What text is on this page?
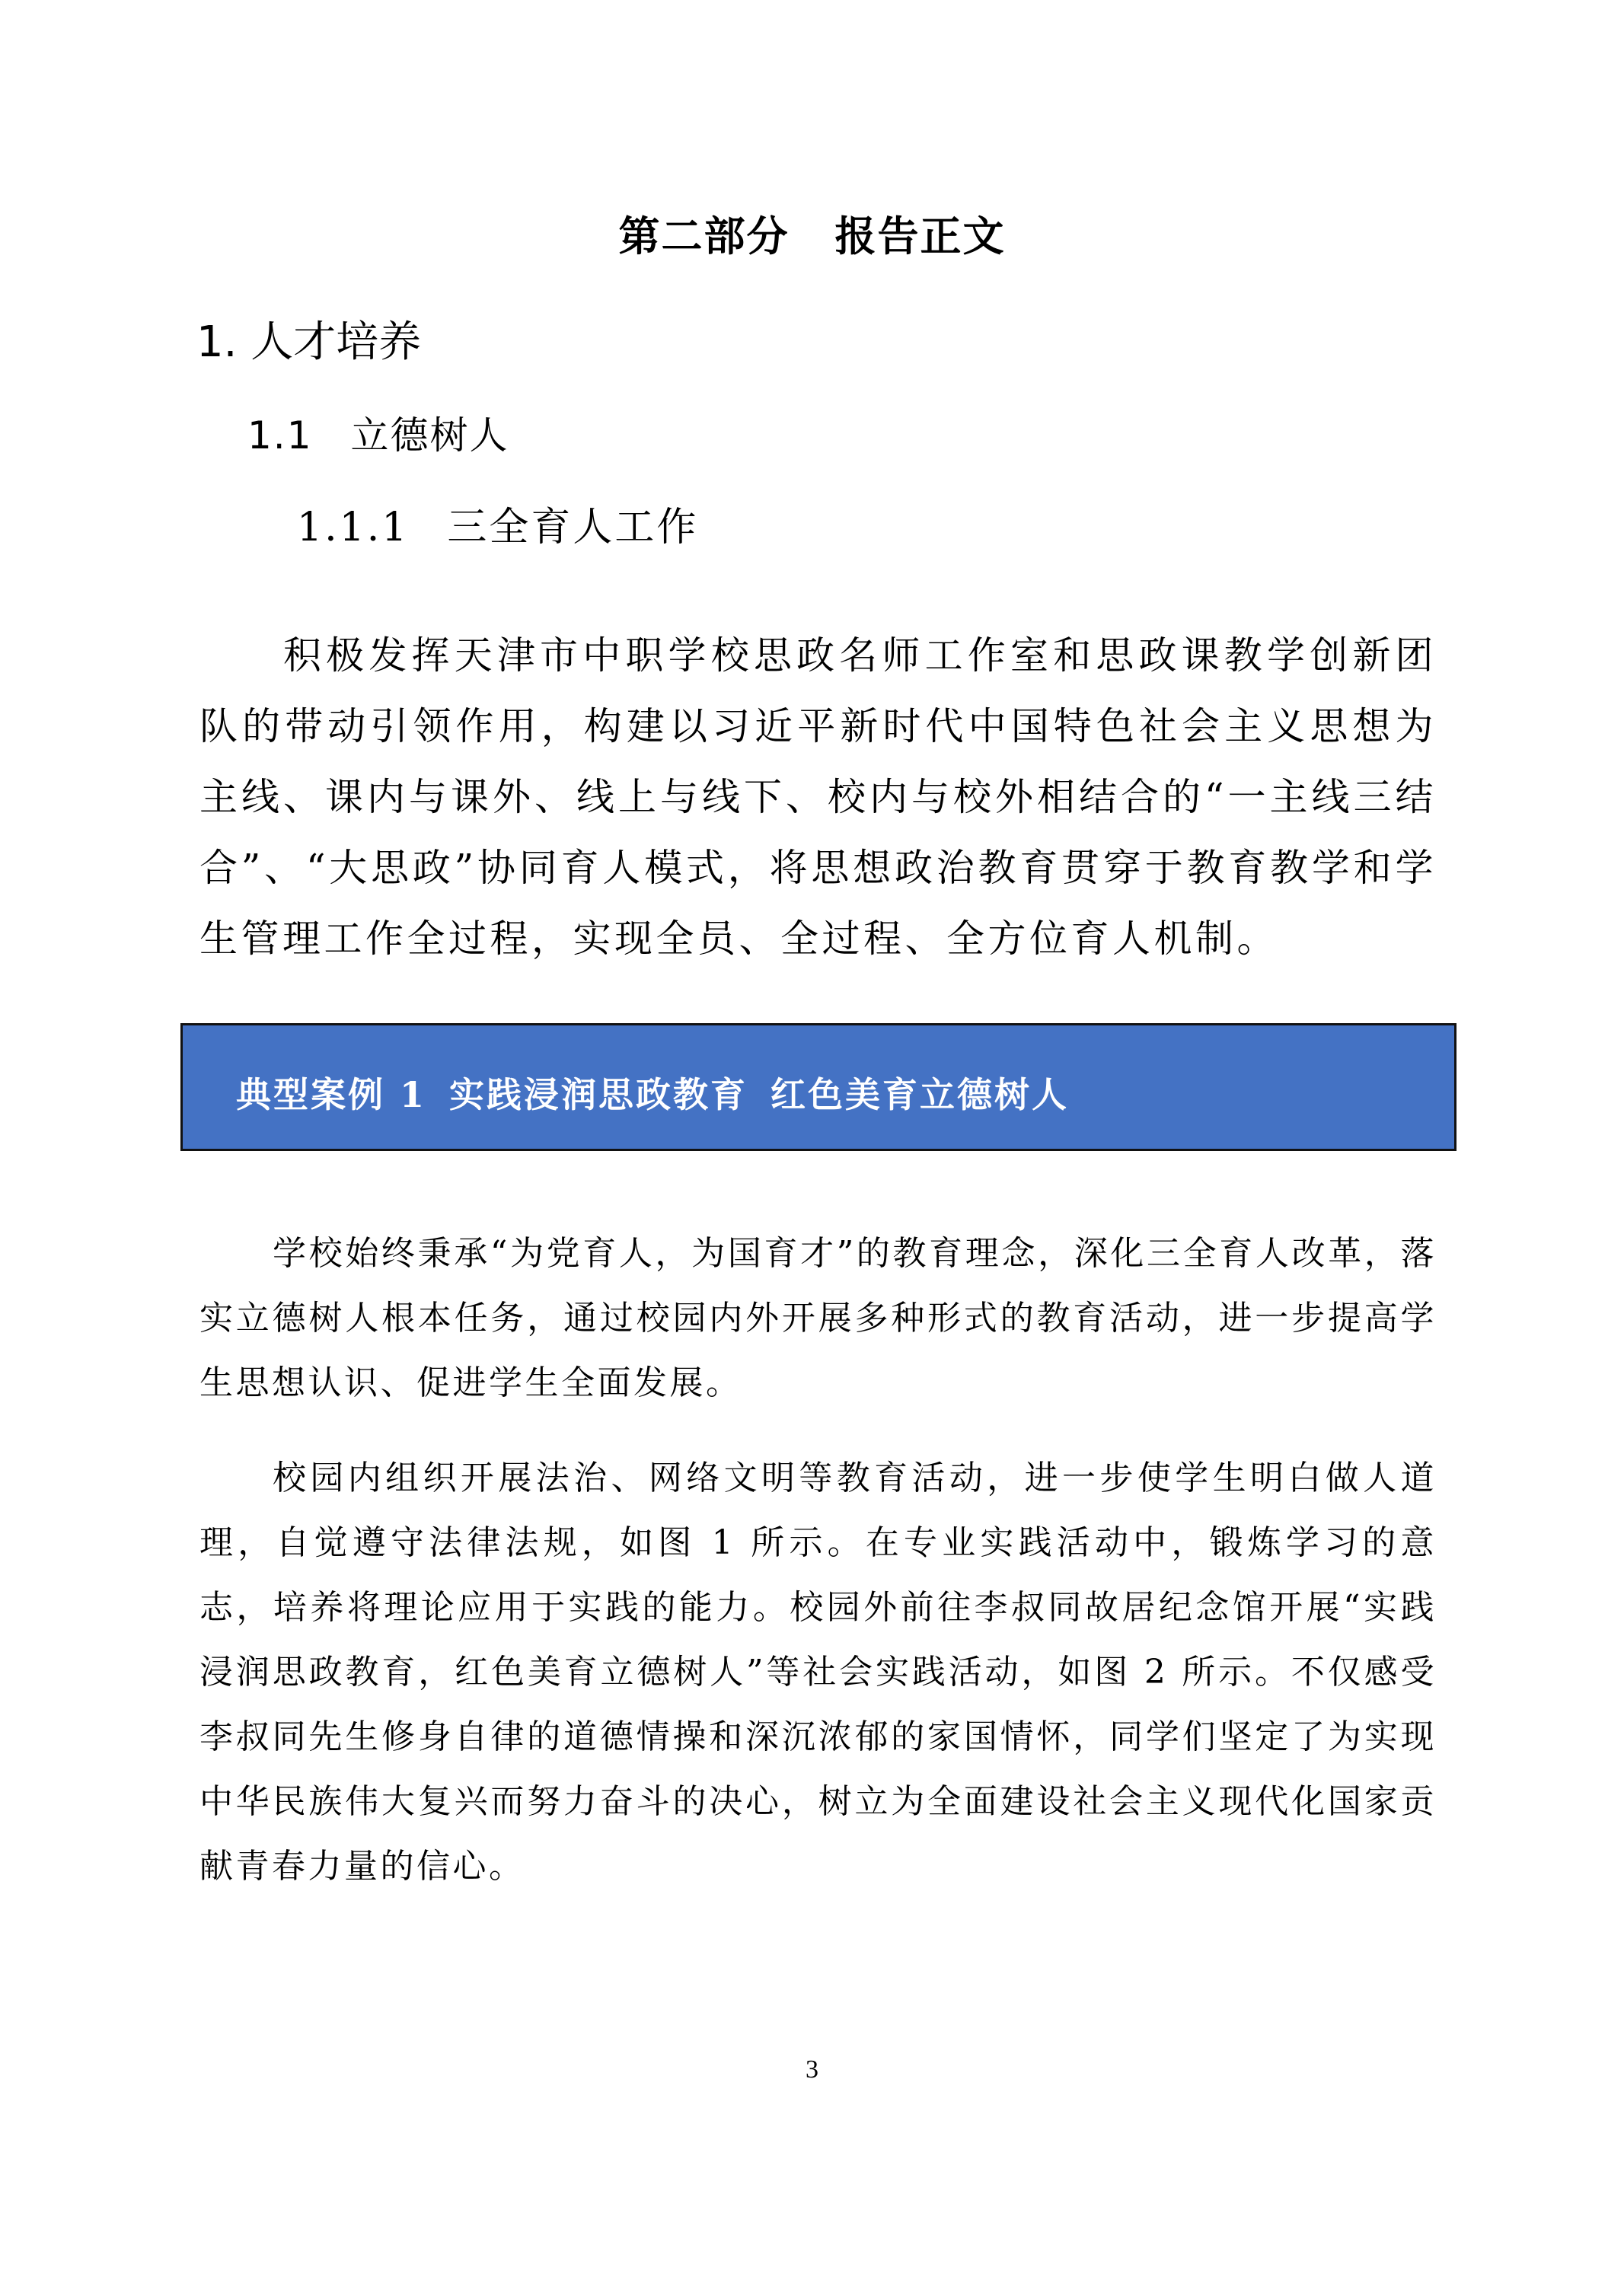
第二部分 报告正文
1. 人才培养
1.1 立德树人
1.1.1 三全育人工作

积极发挥天津市中职学校思政名师工作室和思政课教学创新团队的带动引领作用，构建以习近平新时代中国特色社会主义思想为主线、课内与课外、线上与线下、校内与校外相结合的“一主线三结合”、“大思政”协同育人模式，将思想政治教育贯穿于教育教学和学生管理工作全过程，实现全员、全过程、全方位育人机制。

典型案例 1 实践浸润思政教育 红色美育立德树人

学校始终秉承“为党育人，为国育才”的教育理念，深化三全育人改革，落实立德树人根本任务，通过校园内外开展多种形式的教育活动，进一步提高学生思想认识、促进学生全面发展。

校园内组织开展法治、网络文明等教育活动，进一步使学生明白做人道理，自觉遵守法律法规，如图 1 所示。在专业实践活动中，锻炼学习的意志，培养将理论应用于实践的能力。校园外前往李叔同故居纪念馆开展“实践浸润思政教育，红色美育立德树人”等社会实践活动，如图 2 所示。不仅感受李叔同先生修身自律的道德情操和深沉浓郁的家国情怀，同学们坚定了为实现中华民族伟大复兴而努力奋斗的决心，树立为全面建设社会主义现代化国家贡献青春力量的信心。

3
